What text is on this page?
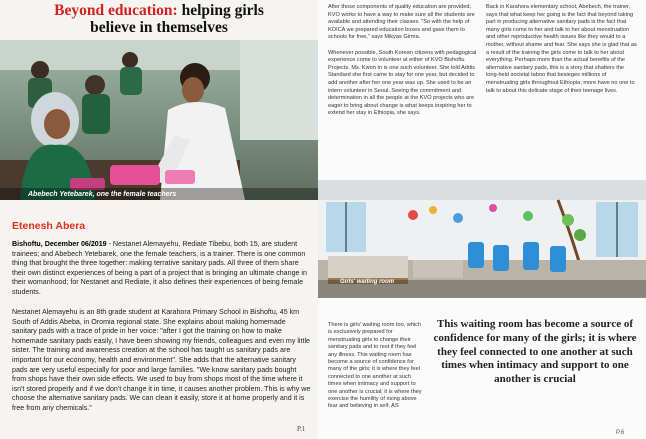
Beyond education: helping girls
believe in themselves
Abebech Yetebarek, one the female teachers
Etenesh Abera
Bishoftu, December 06/2019 - Nestanet Alemayehu, Rediate Tibebu, both 15, are student trainees; and Abebech Yetebarek, one the female teachers, is a trainer. There is one common thing that brought the three together: making terrative sanitary pads. All three of them share their own distinct experiences of being a part of a project that is bringing an ultimate change in their womanhood; for Nestanet and Rediate, it also defines their experiences of being female students.
Nestanet Alemayehu is an 8th grade student at Karahora Primary School in Bishoftu, 45 km South of Addis Abeba, in Oromia regional state. She explains about making homemade sanitary pads with a trace of pride in her voice: "after I got the training on how to make homemade sanitary pads easily, I have been showing my friends, colleagues and even my little sister. The training and awareness creation at the school has taught us sanitary pads are important for our economy, health and environment". She adds that the alternative sanitary pads are very useful especially for poor and large families. "We know sanitary pads bought from shops have their own side effects. We used to buy from shops most of the time where it isn't stored properly and if we don't change it in time, it causes another problem. This is why we choose the alternative sanitary pads. We can clean it easily, store it at home properly and it is free from any chemicals."
P.1
After those components of quality education are provided, KVO works to have a way to make sure all the students are available and attending their classes. "So with the help of KOICA we prepared education boxes and gave them to schools for free," says Mikyas Girma.

Whenever possible, South Korean citizens with pedagogical experience come to volunteer at either of KVO Bishoftu Projects. Ms. Kwon In is one such volunteer. She told Addis Standard she first came to stay for one year, but decided to add another after her one year was up. She used to be an intern volunteer in Seoul. Seeing the commitment and determination in all the people at the KVO projects who are eager to bring about change is what keeps inspiring her to extend her stay in Ethiopia, she says.
Back in Karahora elementary school, Abebech, the trainer, says that what keep her going is the fact that beyond taking part in producing alternative sanitary pads is the fact that many girls come to her and talk to her about menstruation and other reproductive health issues like they would to a mother, without shame and fear. She says she is glad that as a result of the training the girls come to talk to her about everything. Perhaps more than the actual benefits of the alternative sanitary pads, this is a story that shatters the long-held societal taboo that besieges millions of menstruating girls throughout Ethiopia; more have no one to talk to about this delicate stage of their teenage lives.
Girls' waiting room
There is girls' waiting room too, which is exclusively prepared for menstruating girls to change their sanitary pads and to rest if they feel any illness. This waiting room has become a source of confidence for many of the girls; it is where they feel connected to one another at such times when intimacy and support to one another is crucial; it is where they exercise the humility of rising above fear and believing in self. AS
This waiting room has become a source of confidence for many of the girls; it is where they feel connected to one another at such times when intimacy and support to one another is crucial
P.6
